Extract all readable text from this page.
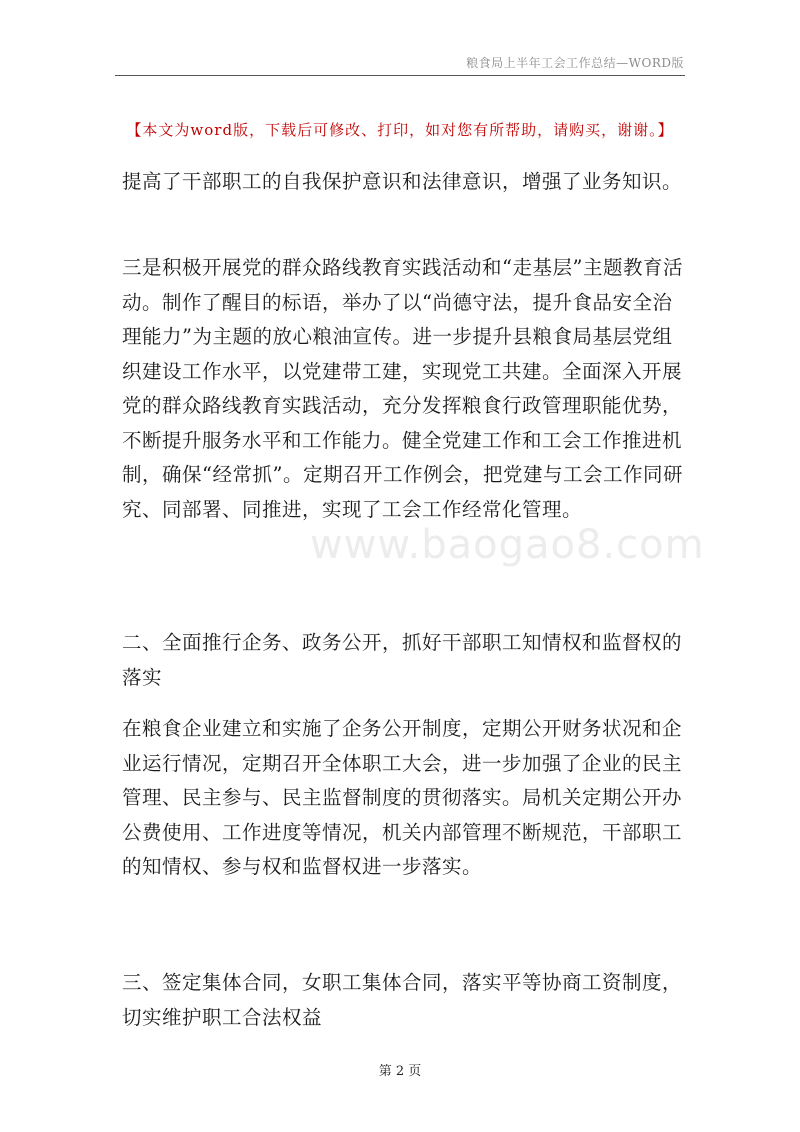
粮食局上半年工会工作总结—WORD版
【本文为word版，下载后可修改、打印，如对您有所帮助，请购买，谢谢。】

提高了干部职工的自我保护意识和法律意识，增强了业务知识。

三是积极开展党的群众路线教育实践活动和“走基层”主题教育活动。制作了醒目的标语，举办了以“尚德守法，提升食品安全治理能力”为主题的放心粮油宣传。进一步提升县粮食局基层党组织建设工作水平，以党建带工建，实现党工共建。全面深入开展党的群众路线教育实践活动，充分发挥粮食行政管理职能优势，不断提升服务水平和工作能力。健全党建工作和工会工作推进机制，确保“经常抓”。定期召开工作例会，把党建与工会工作同研究、同部署、同推进，实现了工会工作经常化管理。

二、全面推行企务、政务公开，抓好干部职工知情权和监督权的落实

在粮食企业建立和实施了企务公开制度，定期公开财务状况和企业运行情况，定期召开全体职工大会，进一步加强了企业的民主管理、民主参与、民主监督制度的贯彻落实。局机关定期公开办公费使用、工作进度等情况，机关内部管理不断规范，干部职工的知情权、参与权和监督权进一步落实。

三、签定集体合同，女职工集体合同，落实平等协商工资制度，切实维护职工合法权益

www.baogao8.com
第 2 页
